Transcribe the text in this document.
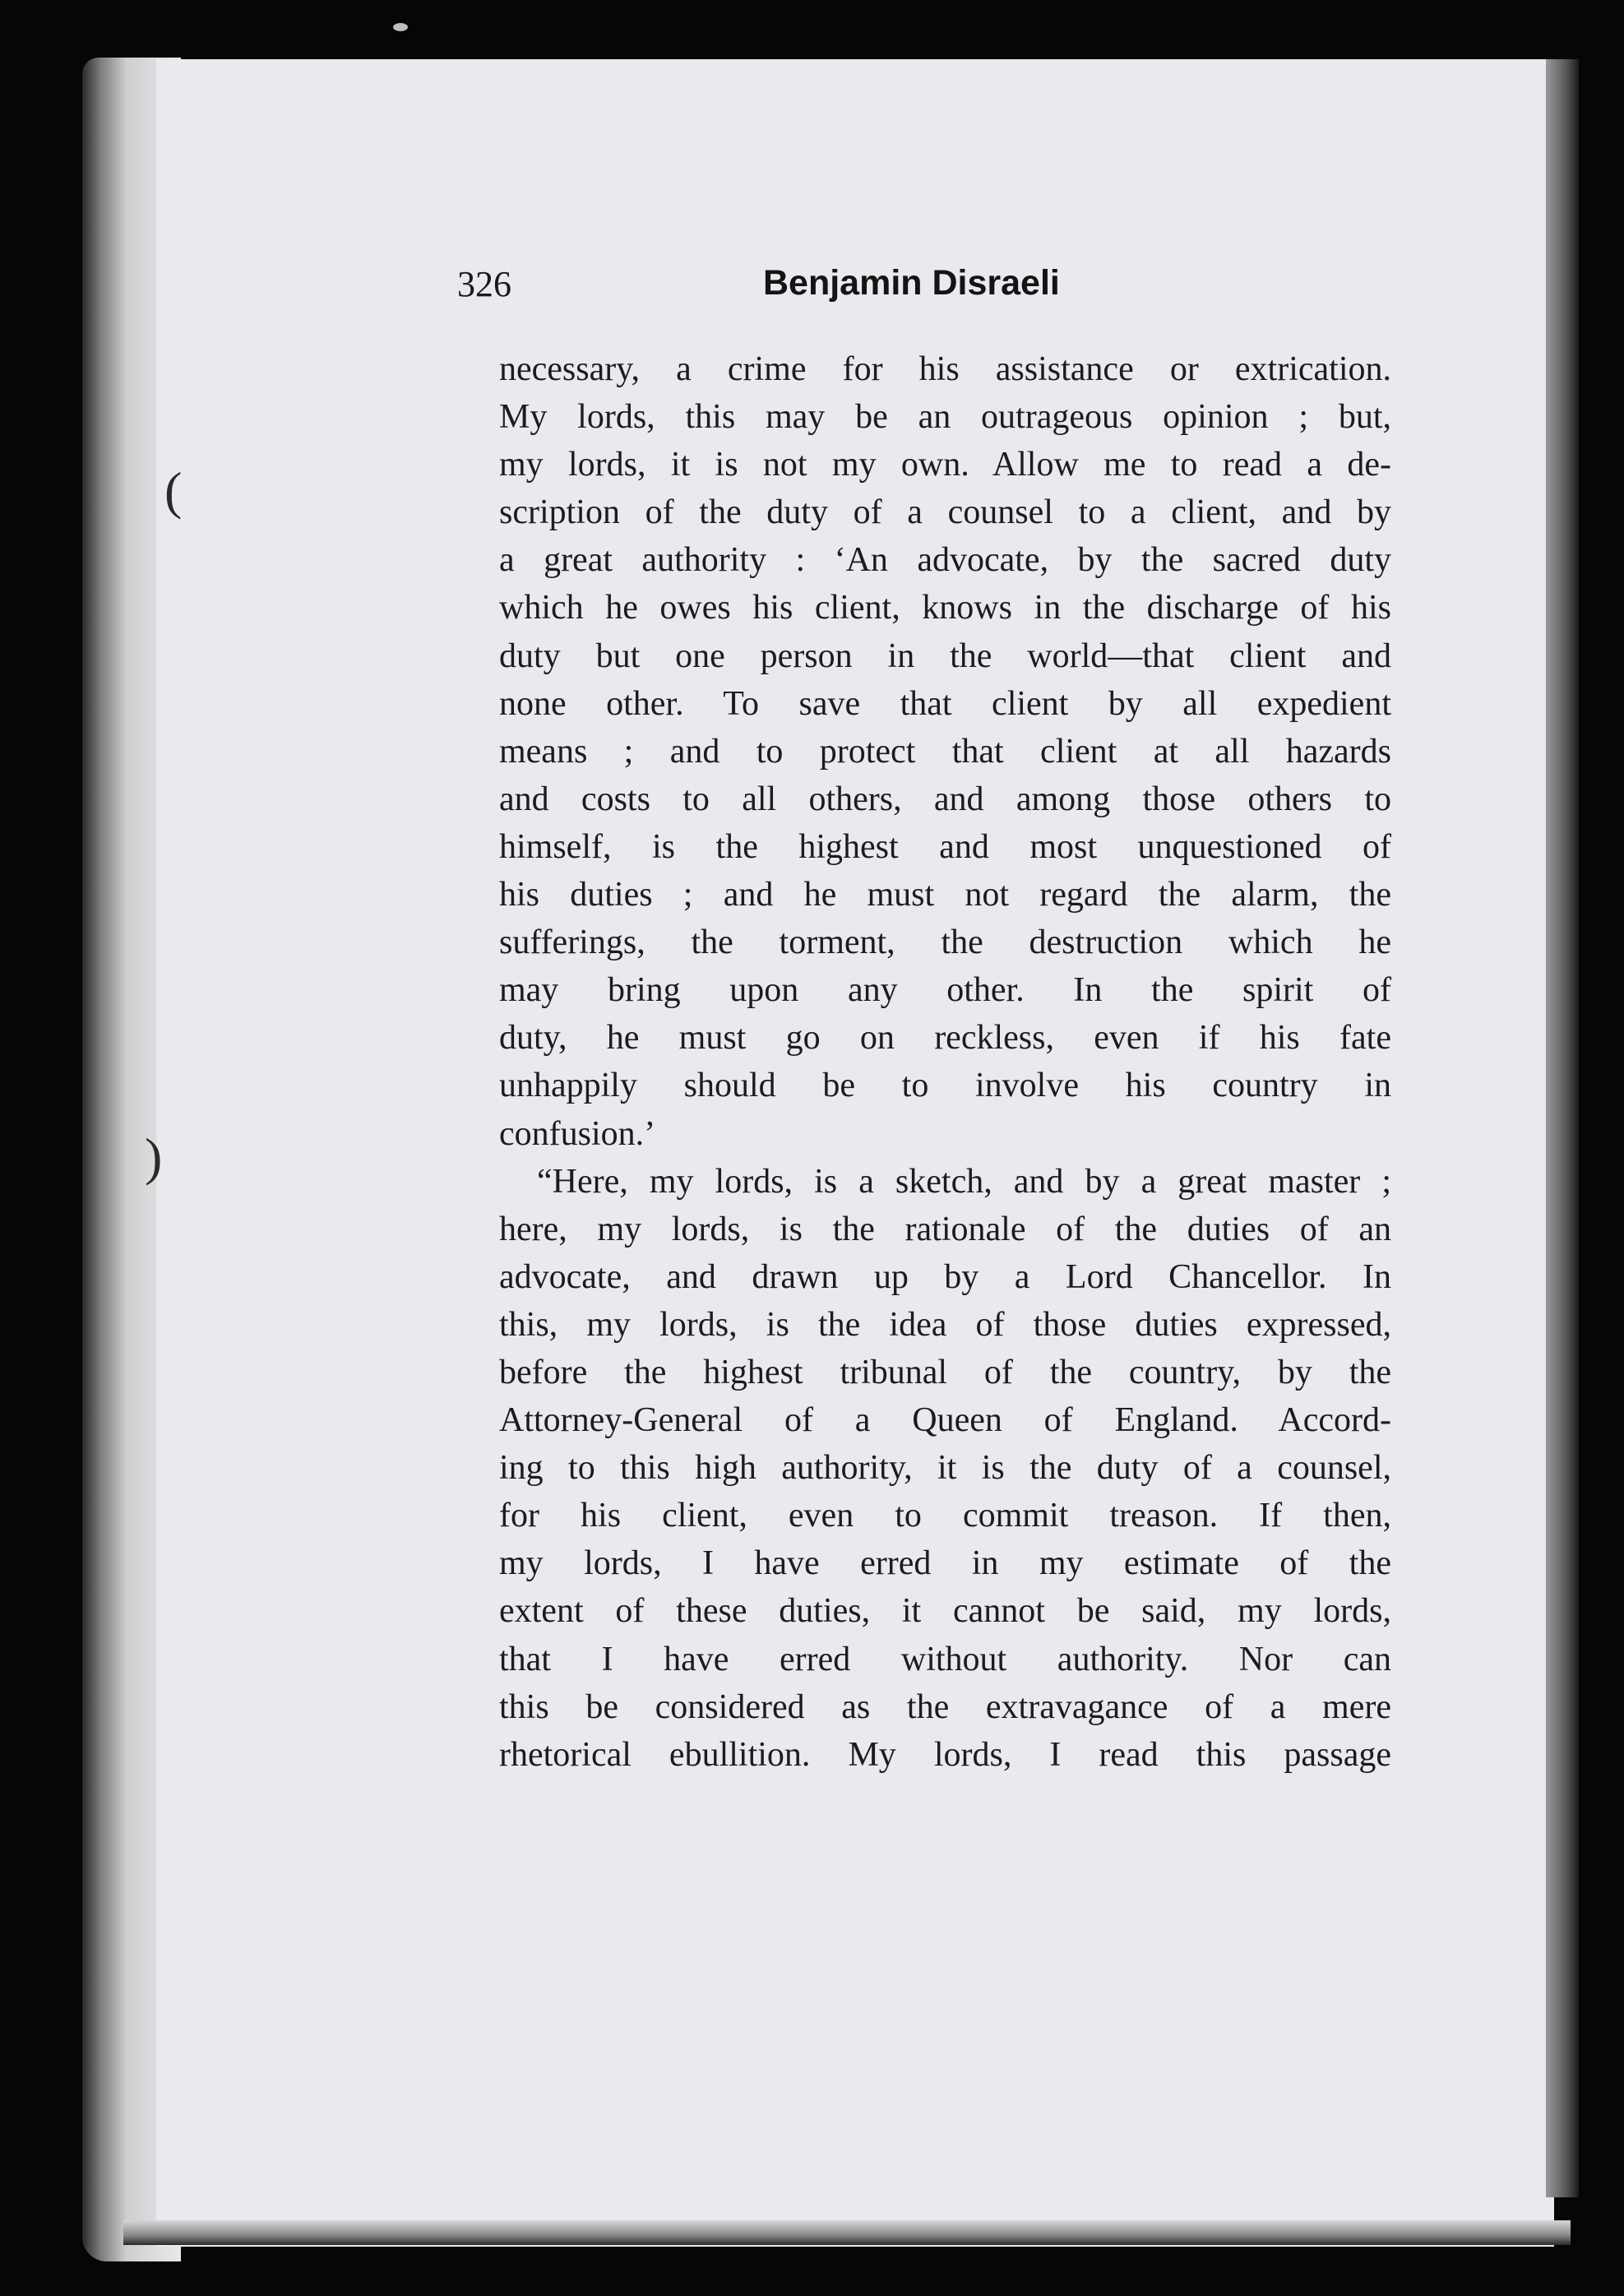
(
)
326	Benjamin Disraeli
necessary, a crime for his assistance or extrication.
My lords, this may be an outrageous opinion ; but,
my lords, it is not my own. Allow me to read a de-
scription of the duty of a counsel to a client, and by
a great authority : ‘An advocate, by the sacred duty
which he owes his client, knows in the discharge of his
duty but one person in the world—that client and
none other. To save that client by all expedient
means ; and to protect that client at all hazards
and costs to all others, and among those others to
himself, is the highest and most unquestioned of
his duties ; and he must not regard the alarm, the
sufferings, the torment, the destruction which he
may bring upon any other. In the spirit of
duty, he must go on reckless, even if his fate
unhappily should be to involve his country in
confusion.’
“Here, my lords, is a sketch, and by a great master ;
here, my lords, is the rationale of the duties of an
advocate, and drawn up by a Lord Chancellor. In
this, my lords, is the idea of those duties expressed,
before the highest tribunal of the country, by the
Attorney-General of a Queen of England. Accord-
ing to this high authority, it is the duty of a counsel,
for his client, even to commit treason. If then,
my lords, I have erred in my estimate of the
extent of these duties, it cannot be said, my lords,
that I have erred without authority. Nor can
this be considered as the extravagance of a mere
rhetorical ebullition. My lords, I read this passage
